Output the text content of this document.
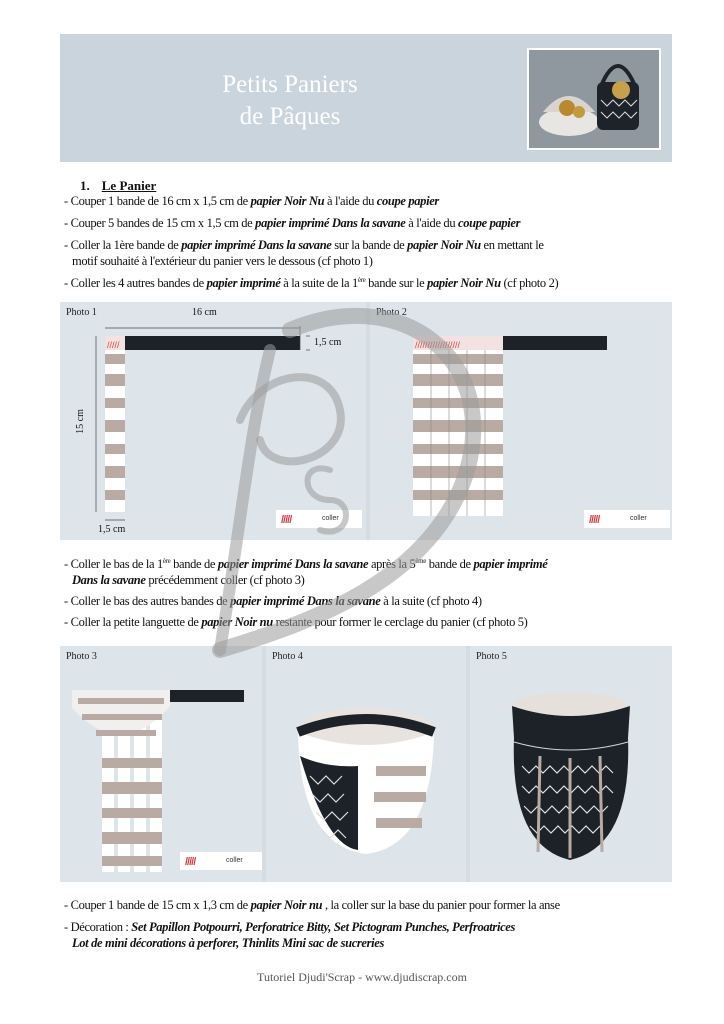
Petits Paniers
de Pâques
1. Le Panier
- Couper 1 bande de 16 cm x 1,5 cm de papier Noir Nu à l'aide du coupe papier
- Couper 5 bandes de 15 cm x 1,5 cm de papier imprimé Dans la savane à l'aide du coupe papier
- Coller la 1ère bande de papier imprimé Dans la savane sur la bande de papier Noir Nu en mettant le
motif souhaité à l'extérieur du panier vers le dessous (cf photo 1)
- Coller les 4 autres bandes de papier imprimé à la suite de la 1ère bande sur le papier Noir Nu (cf photo 2)
Photo 1
/////
16 cm
1,5 cm
15 cm
1,5 cm
/////	coller
Photo 2
//////////////////
/////	coller
- Coller le bas de la 1ère bande de papier imprimé Dans la savane après la 5ème bande de papier imprimé
Dans la savane précédemment coller (cf photo 3)
- Coller le bas des autres bandes de papier imprimé Dans la savane à la suite (cf photo 4)
- Coller la petite languette de papier Noir nu restante pour former le cerclage du panier (cf photo 5)
Photo 3
/////	coller
Photo 4	Photo 5
- Couper 1 bande de 15 cm x 1,3 cm de papier Noir nu , la coller sur la base du panier pour former la anse
- Décoration : Set Papillon Potpourri, Perforatrice Bitty, Set Pictogram Punches, Perfroatrices
Lot de mini décorations à perforer, Thinlits Mini sac de sucreries
Tutoriel Djudi'Scrap - www.djudiscrap.com
